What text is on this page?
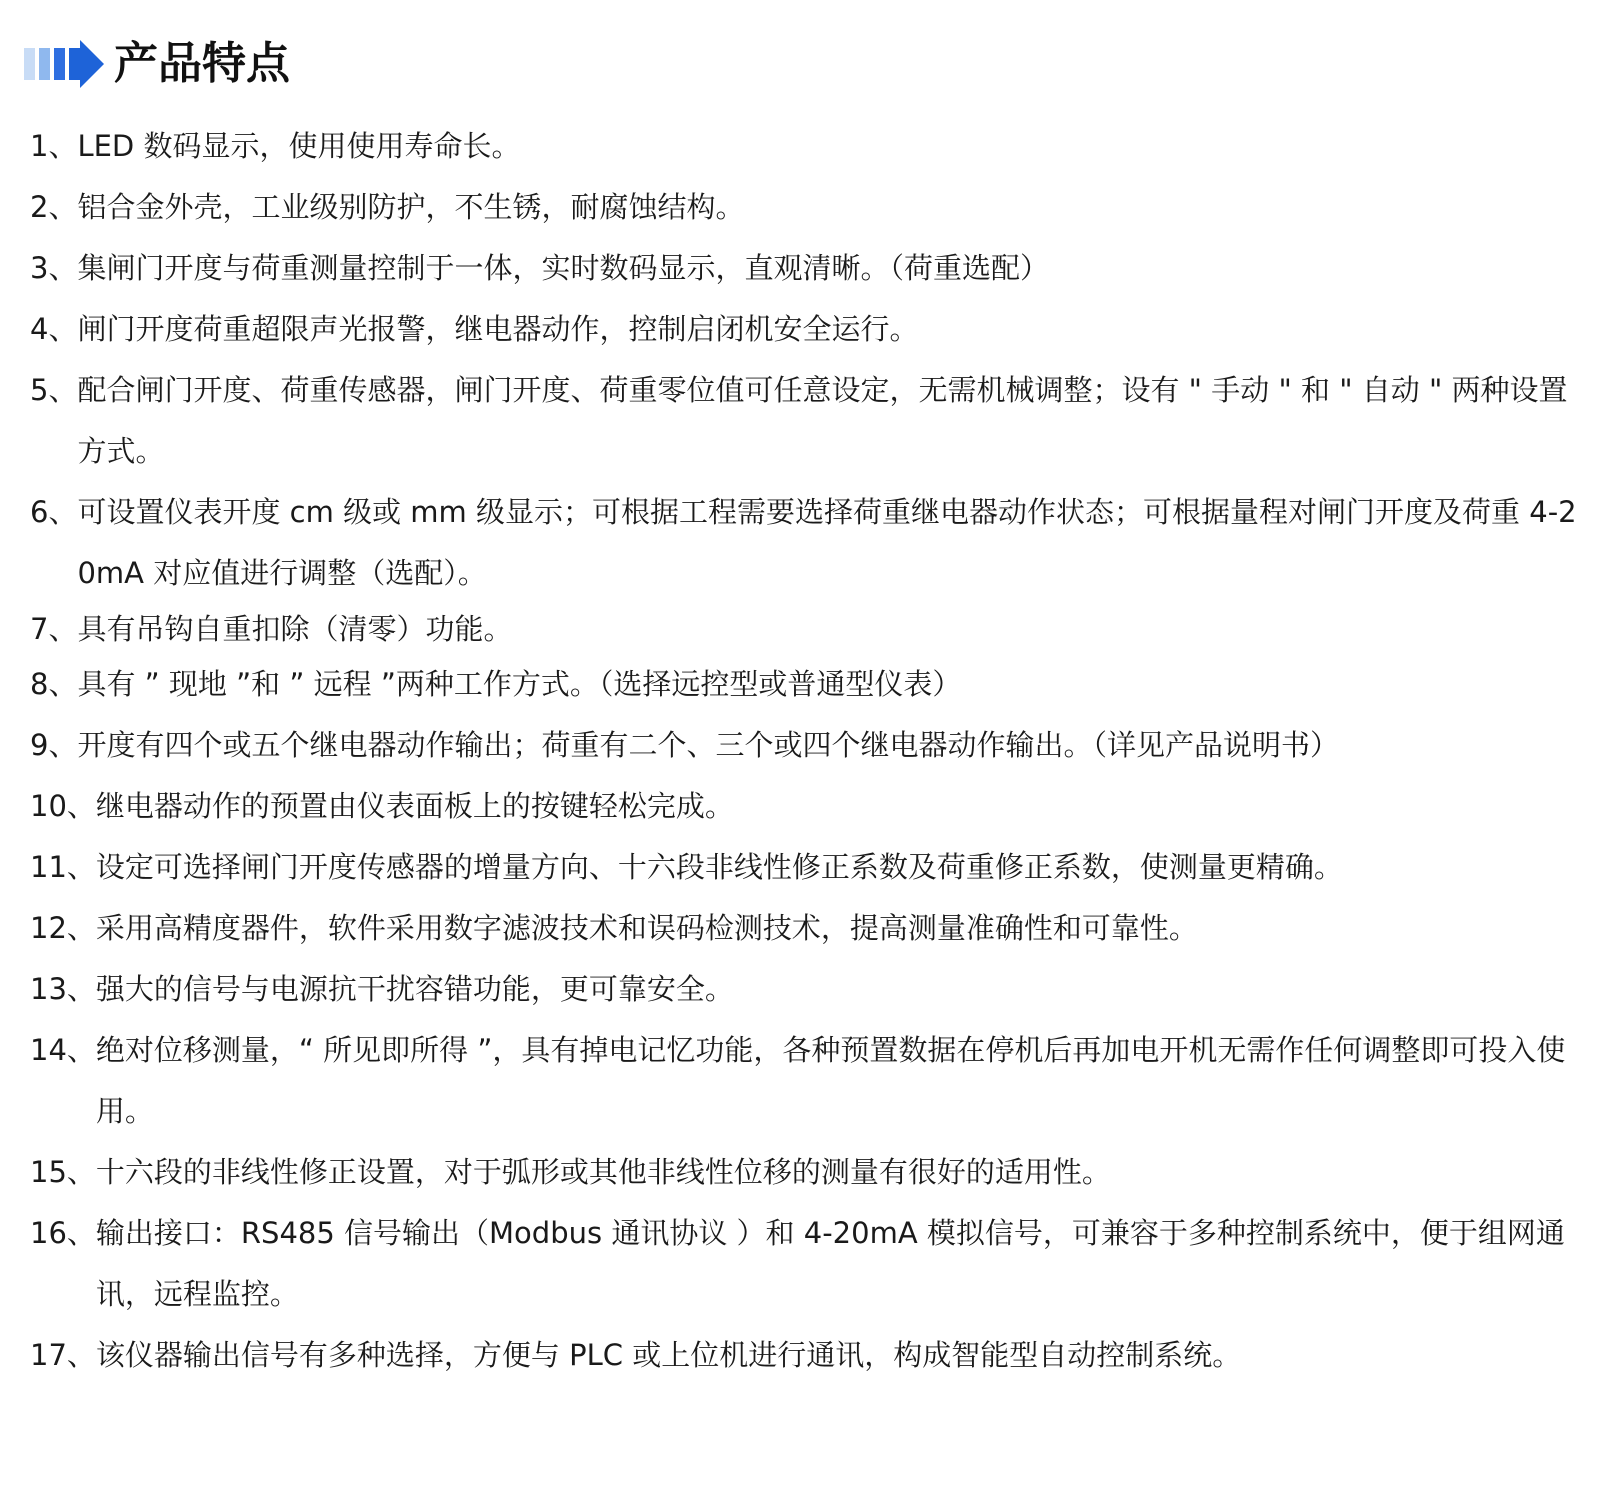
产品特点
1、 LED 数码显示，使用使用寿命长。
2、 铝合金外壳，工业级别防护，不生锈，耐腐蚀结构。
3、 集闸门开度与荷重测量控制于一体，实时数码显示，直观清晰。（荷重选配）
4、 闸门开度荷重超限声光报警，继电器动作，控制启闭机安全运行。
5、 配合闸门开度、荷重传感器，闸门开度、荷重零位值可任意设定，无需机械调整；设有 " 手动 " 和 " 自动 " 两种设置方式。
6、 可设置仪表开度 cm 级或 mm 级显示；可根据工程需要选择荷重继电器动作状态；可根据量程对闸门开度及荷重 4-20mA 对应值进行调整（选配）。
7、 具有吊钩自重扣除（清零）功能。
8、 具有 ” 现地 ”和 ” 远程 ”两种工作方式。（选择远控型或普通型仪表）
9、 开度有四个或五个继电器动作输出；荷重有二个、三个或四个继电器动作输出。（详见产品说明书）
10、 继电器动作的预置由仪表面板上的按键轻松完成。
11、 设定可选择闸门开度传感器的增量方向、十六段非线性修正系数及荷重修正系数，使测量更精确。
12、 采用高精度器件，软件采用数字滤波技术和误码检测技术，提高测量准确性和可靠性。
13、 强大的信号与电源抗干扰容错功能，更可靠安全。
14、 绝对位移测量，“ 所见即所得 ”，具有掉电记忆功能，各种预置数据在停机后再加电开机无需作任何调整即可投入使用。
15、 十六段的非线性修正设置，对于弧形或其他非线性位移的测量有很好的适用性。
16、 输出接口：RS485 信号输出（Modbus 通讯协议 ）和 4-20mA 模拟信号，可兼容于多种控制系统中，便于组网通讯，远程监控。
17、 该仪器输出信号有多种选择，方便与 PLC 或上位机进行通讯，构成智能型自动控制系统。
